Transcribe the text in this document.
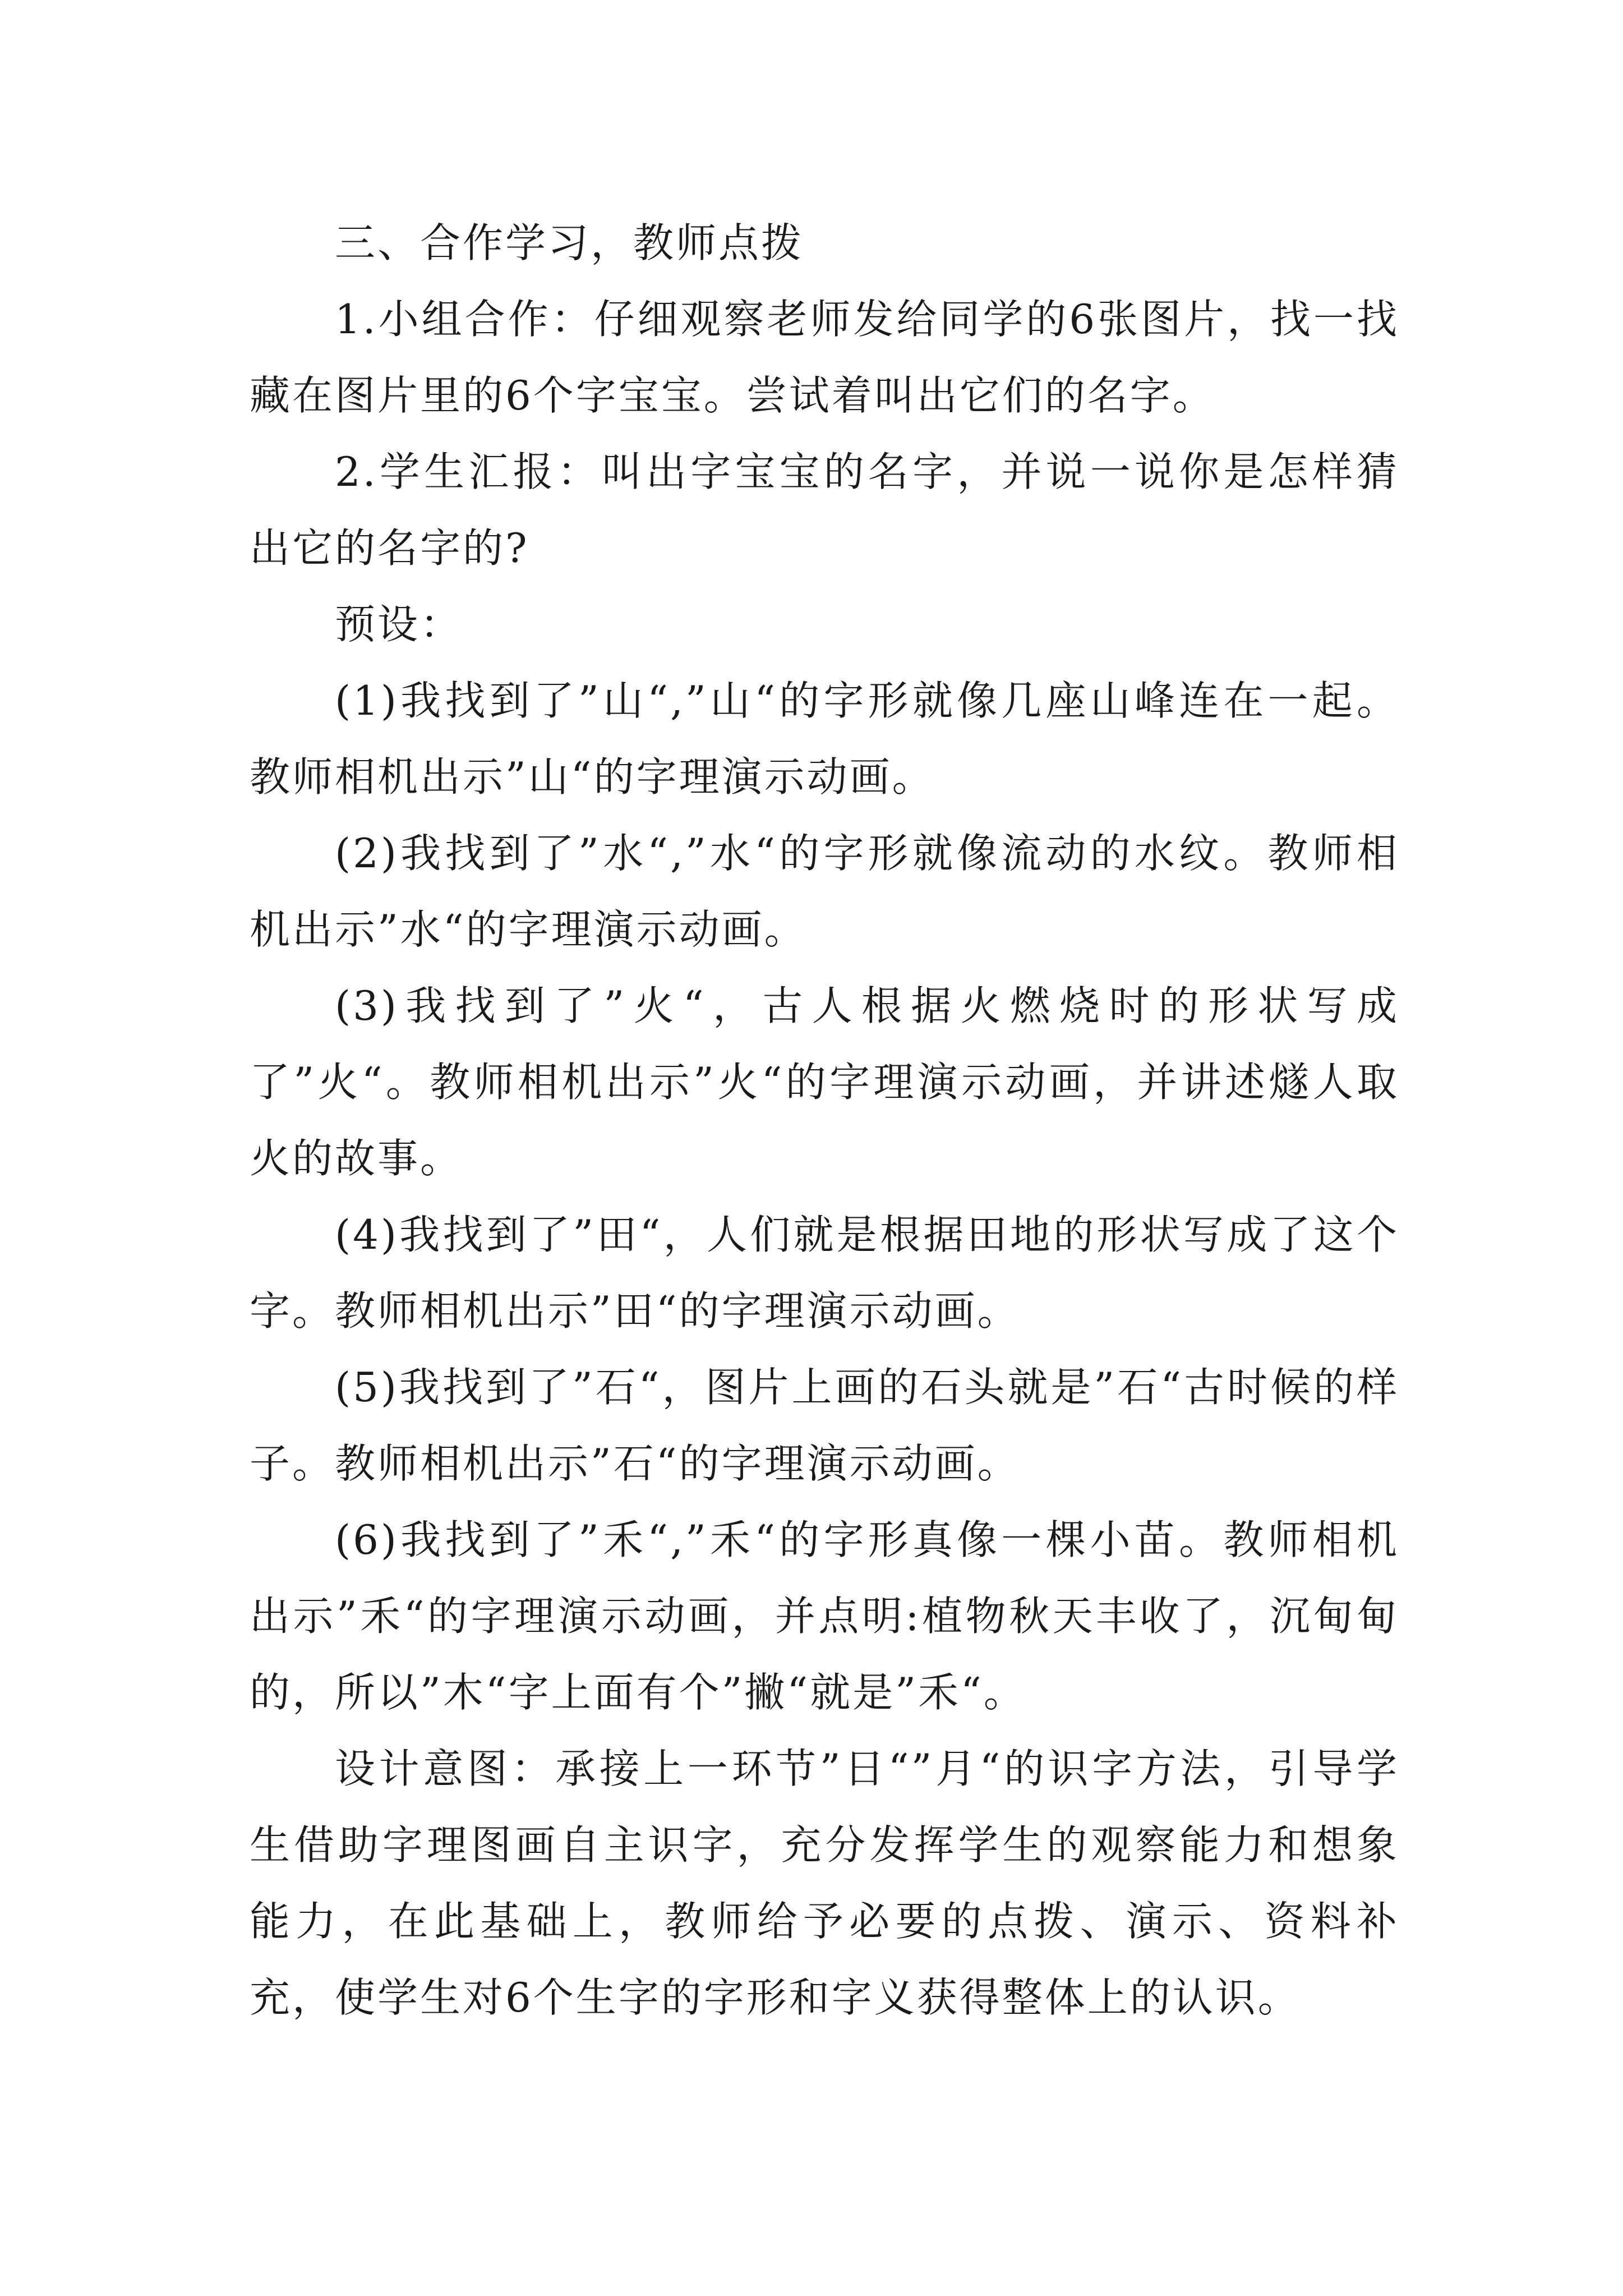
三、合作学习，教师点拨

1.小组合作：仔细观察老师发给同学的6张图片，找一找藏在图片里的6个字宝宝。尝试着叫出它们的名字。

2.学生汇报：叫出字宝宝的名字，并说一说你是怎样猜出它的名字的?

预设：

(1)我找到了”山“,”山“的字形就像几座山峰连在一起。教师相机出示”山“的字理演示动画。

(2)我找到了”水“,”水“的字形就像流动的水纹。教师相机出示”水“的字理演示动画。

(3)我找到了”火“，古人根据火燃烧时的形状写成了”火“。教师相机出示”火“的字理演示动画，并讲述燧人取火的故事。

(4)我找到了”田“，人们就是根据田地的形状写成了这个字。教师相机出示”田“的字理演示动画。

(5)我找到了”石“，图片上画的石头就是”石“古时候的样子。教师相机出示”石“的字理演示动画。

(6)我找到了”禾“,”禾“的字形真像一棵小苗。教师相机出示”禾“的字理演示动画，并点明:植物秋天丰收了，沉甸甸的，所以”木“字上面有个”撇“就是”禾“。

设计意图：承接上一环节”日“”月“的识字方法，引导学生借助字理图画自主识字，充分发挥学生的观察能力和想象能力，在此基础上，教师给予必要的点拨、演示、资料补充，使学生对6个生字的字形和字义获得整体上的认识。
